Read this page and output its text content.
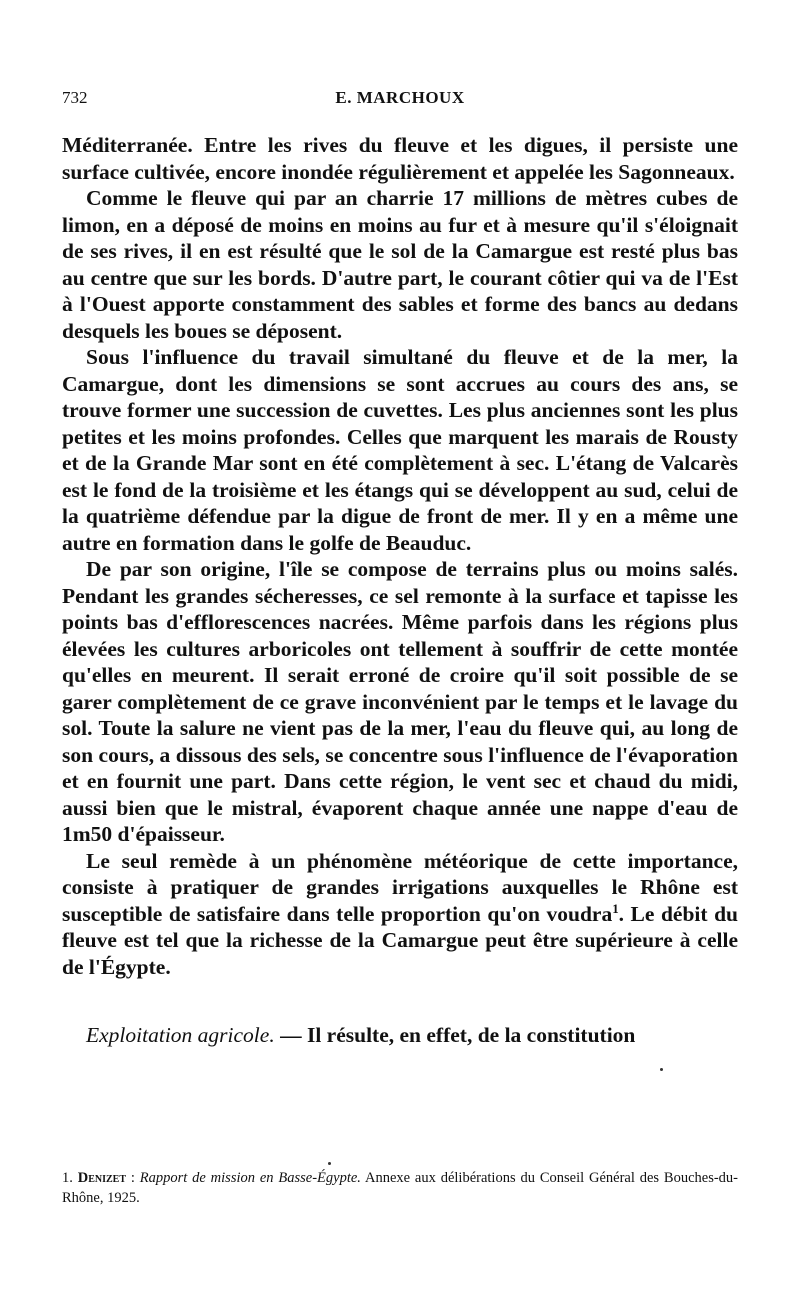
732	E. MARCHOUX

Méditerranée. Entre les rives du fleuve et les digues, il persiste une surface cultivée, encore inondée régulièrement et appelée les Sagonneaux.

Comme le fleuve qui par an charrie 17 millions de mètres cubes de limon, en a déposé de moins en moins au fur et à mesure qu'il s'éloignait de ses rives, il en est résulté que le sol de la Camargue est resté plus bas au centre que sur les bords. D'autre part, le courant côtier qui va de l'Est à l'Ouest apporte constamment des sables et forme des bancs au dedans desquels les boues se déposent.

Sous l'influence du travail simultané du fleuve et de la mer, la Camargue, dont les dimensions se sont accrues au cours des ans, se trouve former une succession de cuvettes. Les plus anciennes sont les plus petites et les moins profondes. Celles que marquent les marais de Rousty et de la Grande Mar sont en été complètement à sec. L'étang de Valcarès est le fond de la troisième et les étangs qui se développent au sud, celui de la quatrième défendue par la digue de front de mer. Il y en a même une autre en formation dans le golfe de Beauduc.

De par son origine, l'île se compose de terrains plus ou moins salés. Pendant les grandes sécheresses, ce sel remonte à la surface et tapisse les points bas d'efflorescences nacrées. Même parfois dans les régions plus élevées les cultures arboricoles ont tellement à souffrir de cette montée qu'elles en meurent. Il serait erroné de croire qu'il soit possible de se garer complètement de ce grave inconvénient par le temps et le lavage du sol. Toute la salure ne vient pas de la mer, l'eau du fleuve qui, au long de son cours, a dissous des sels, se concentre sous l'influence de l'évaporation et en fournit une part. Dans cette région, le vent sec et chaud du midi, aussi bien que le mistral, évaporent chaque année une nappe d'eau de 1m50 d'épaisseur.

Le seul remède à un phénomène météorique de cette importance, consiste à pratiquer de grandes irrigations auxquelles le Rhône est susceptible de satisfaire dans telle proportion qu'on voudra$^1$. Le débit du fleuve est tel que la richesse de la Camargue peut être supérieure à celle de l'Égypte.

Exploitation agricole. — Il résulte, en effet, de la constitution

1. Denizet : Rapport de mission en Basse-Égypte. Annexe aux délibérations du Conseil Général des Bouches-du-Rhône, 1925.
